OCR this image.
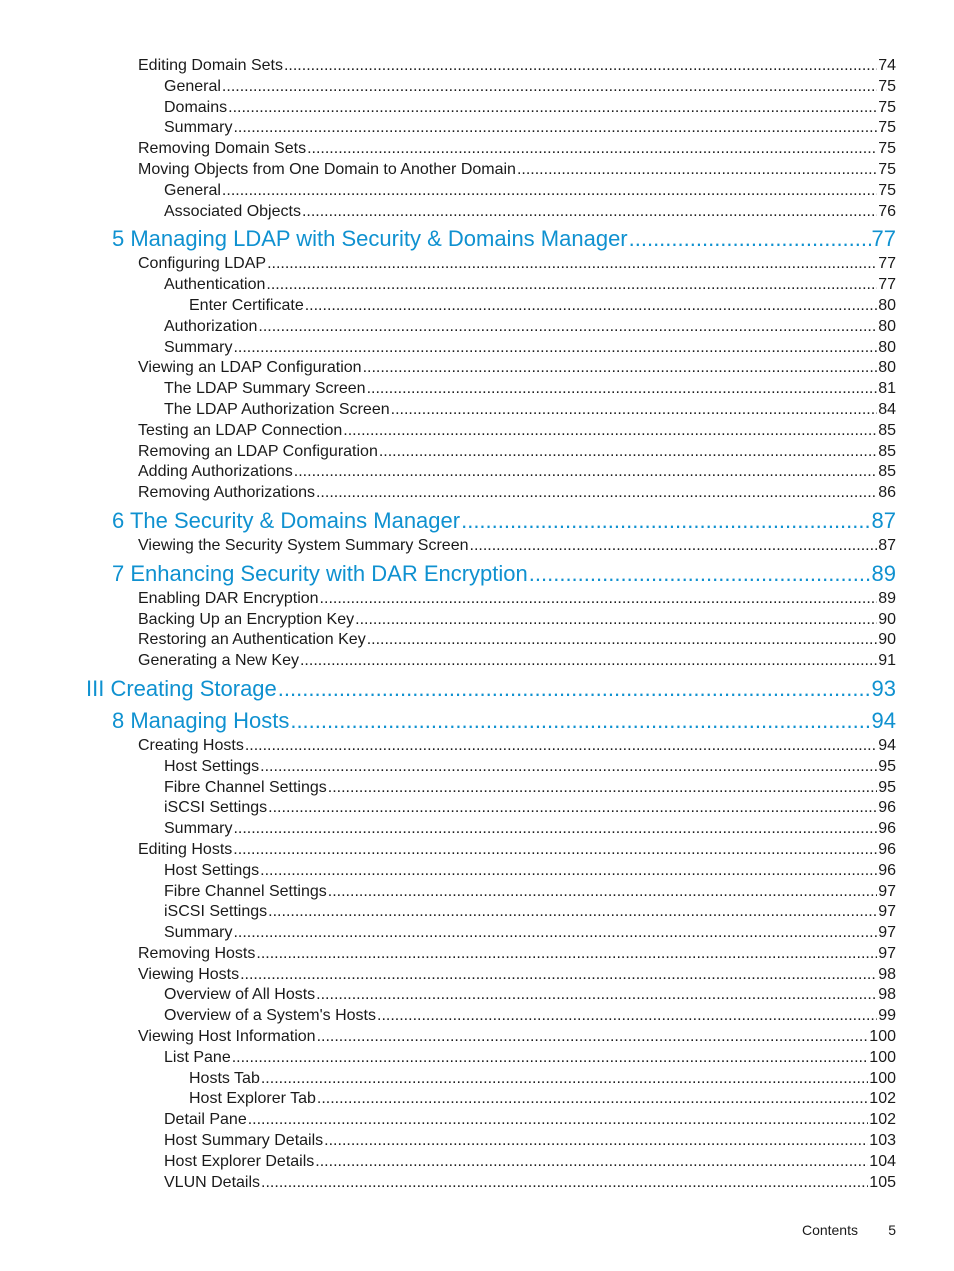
Editing Domain Sets .....	74
General .....	75
Domains .....	75
Summary .....	75
Removing Domain Sets .....	75
Moving Objects from One Domain to Another Domain .....	75
General .....	75
Associated Objects .....	76
5 Managing LDAP with Security & Domains Manager .....	77
Configuring LDAP .....	77
Authentication .....	77
Enter Certificate .....	80
Authorization .....	80
Summary .....	80
Viewing an LDAP Configuration .....	80
The LDAP Summary Screen .....	81
The LDAP Authorization Screen .....	84
Testing an LDAP Connection .....	85
Removing an LDAP Configuration .....	85
Adding Authorizations .....	85
Removing Authorizations .....	86
6 The Security & Domains Manager .....	87
Viewing the Security System Summary Screen .....	87
7 Enhancing Security with DAR Encryption .....	89
Enabling DAR Encryption .....	89
Backing Up an Encryption Key .....	90
Restoring an Authentication Key .....	90
Generating a New Key .....	91
III Creating Storage .....	93
8 Managing Hosts .....	94
Creating Hosts .....	94
Host Settings .....	95
Fibre Channel Settings .....	95
iSCSI Settings .....	96
Summary .....	96
Editing Hosts .....	96
Host Settings .....	96
Fibre Channel Settings .....	97
iSCSI Settings .....	97
Summary .....	97
Removing Hosts .....	97
Viewing Hosts .....	98
Overview of All Hosts .....	98
Overview of a System's Hosts .....	99
Viewing Host Information .....	100
List Pane .....	100
Hosts Tab .....	100
Host Explorer Tab .....	102
Detail Pane .....	102
Host Summary Details .....	103
Host Explorer Details .....	104
VLUN Details .....	105
Contents 5
